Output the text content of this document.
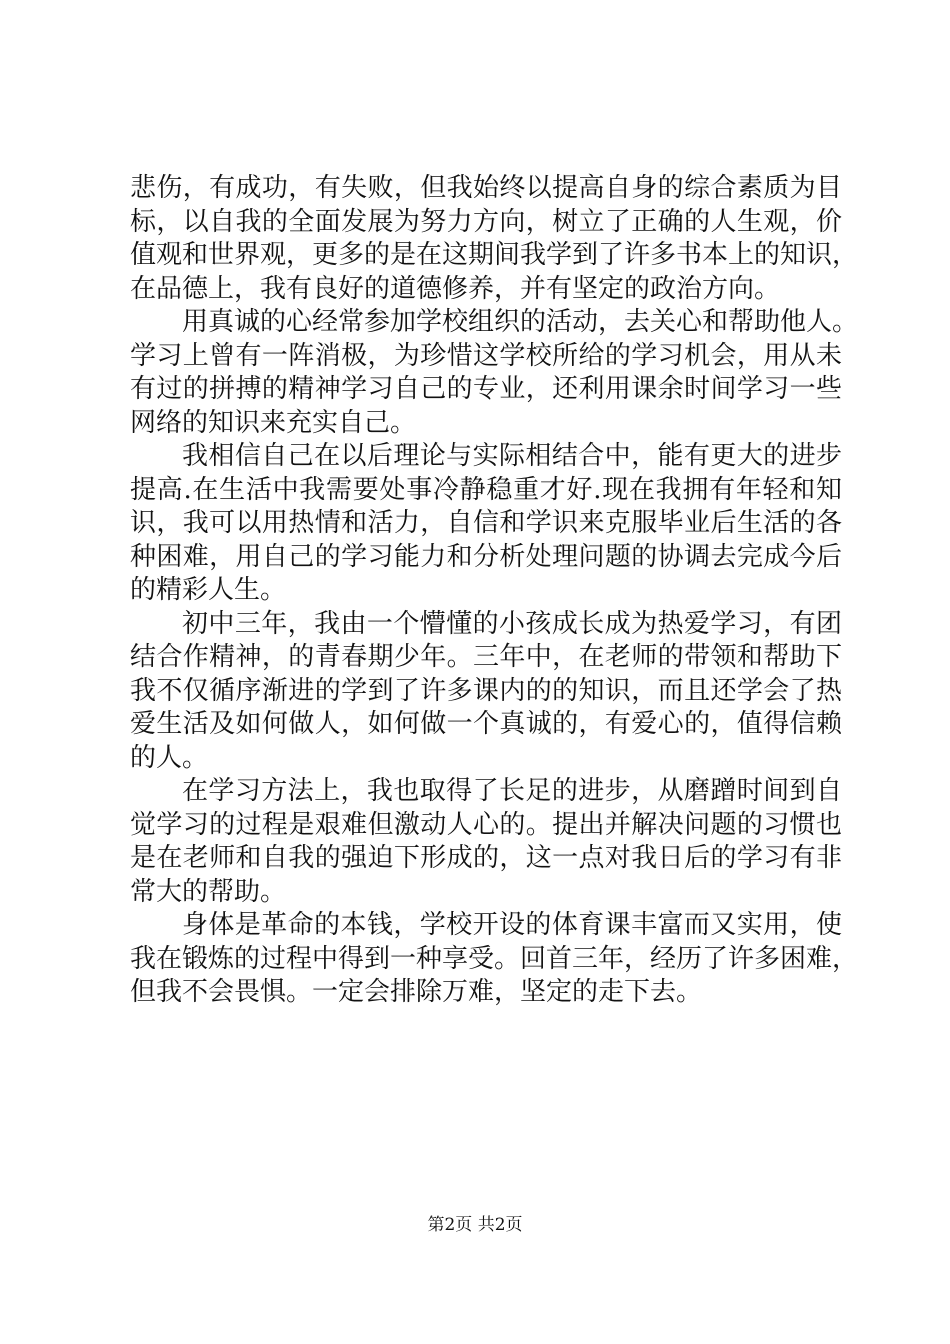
悲伤，有成功，有失败，但我始终以提高自身的综合素质为目
标，以自我的全面发展为努力方向，树立了正确的人生观，价
值观和世界观，更多的是在这期间我学到了许多书本上的知识，
在品德上，我有良好的道德修养，并有坚定的政治方向。
用真诚的心经常参加学校组织的活动，去关心和帮助他人。
学习上曾有一阵消极，为珍惜这学校所给的学习机会，用从未
有过的拼搏的精神学习自己的专业，还利用课余时间学习一些
网络的知识来充实自己。
我相信自己在以后理论与实际相结合中，能有更大的进步
提高.在生活中我需要处事冷静稳重才好.现在我拥有年轻和知
识，我可以用热情和活力，自信和学识来克服毕业后生活的各
种困难，用自己的学习能力和分析处理问题的协调去完成今后
的精彩人生。
初中三年，我由一个懵懂的小孩成长成为热爱学习，有团
结合作精神，的青春期少年。三年中，在老师的带领和帮助下
我不仅循序渐进的学到了许多课内的的知识，而且还学会了热
爱生活及如何做人，如何做一个真诚的，有爱心的，值得信赖
的人。
在学习方法上，我也取得了长足的进步，从磨蹭时间到自
觉学习的过程是艰难但激动人心的。提出并解决问题的习惯也
是在老师和自我的强迫下形成的，这一点对我日后的学习有非
常大的帮助。
身体是革命的本钱，学校开设的体育课丰富而又实用，使
我在锻炼的过程中得到一种享受。回首三年，经历了许多困难，
但我不会畏惧。一定会排除万难，坚定的走下去。
第2页 共2页
